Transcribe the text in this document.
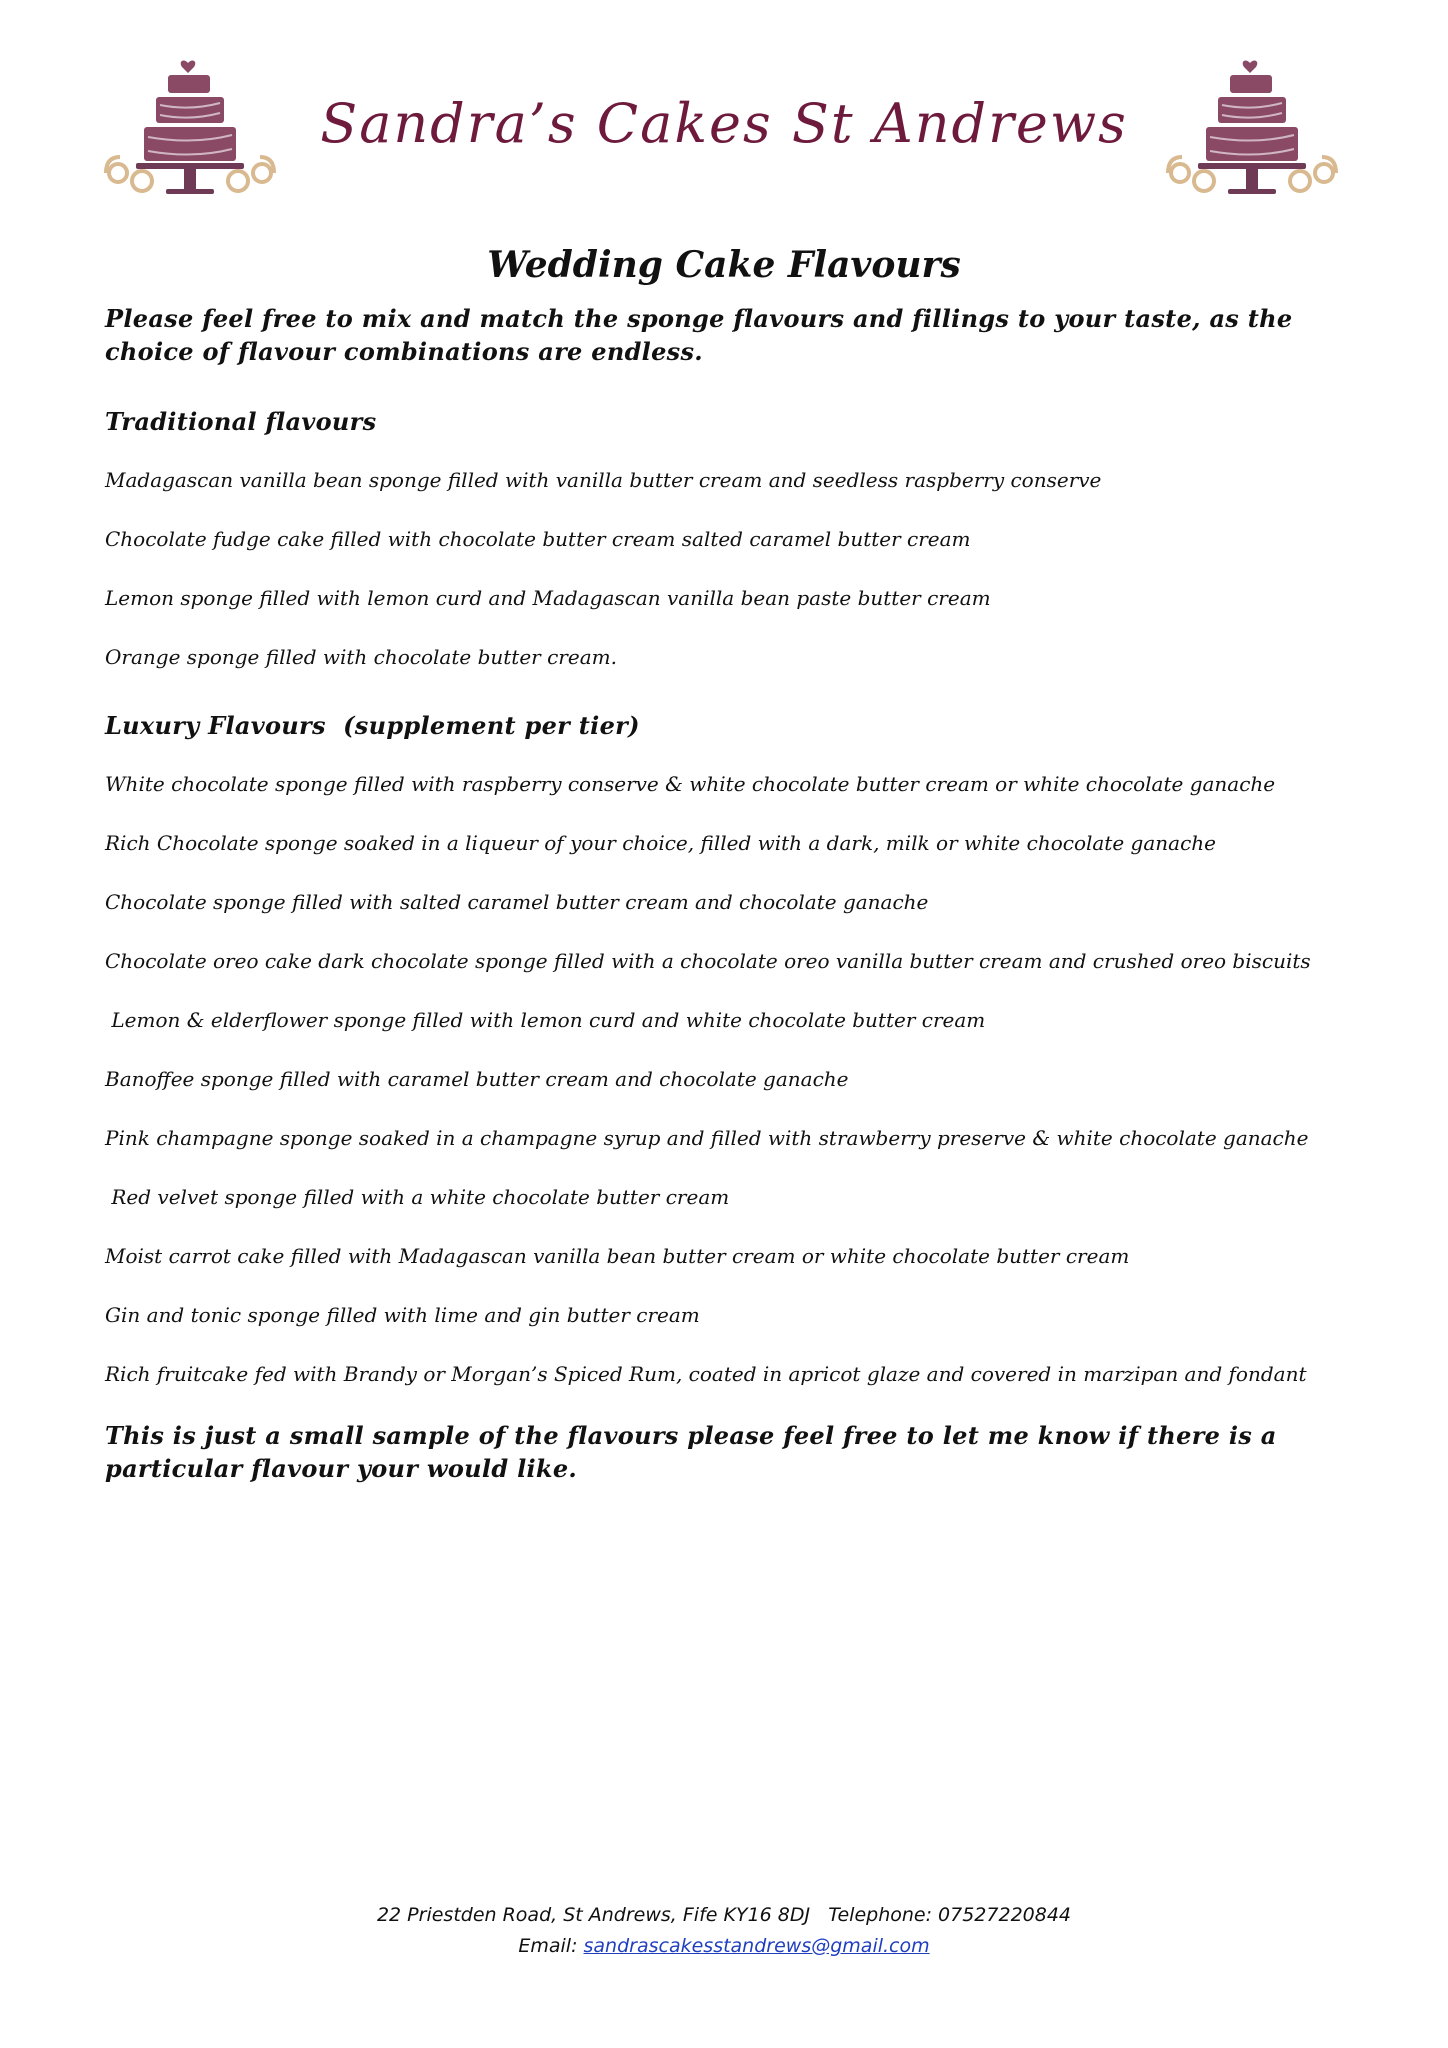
Sandra’s Cakes St Andrews
Wedding Cake Flavours

Please feel free to mix and match the sponge flavours and fillings to your taste, as the choice of flavour combinations are endless.

Traditional flavours
Madagascan vanilla bean sponge filled with vanilla butter cream and seedless raspberry conserve
Chocolate fudge cake filled with chocolate butter cream salted caramel butter cream
Lemon sponge filled with lemon curd and Madagascan vanilla bean paste butter cream
Orange sponge filled with chocolate butter cream.
Luxury Flavours  (supplement per tier)
White chocolate sponge filled with raspberry conserve & white chocolate butter cream or white chocolate ganache
Rich Chocolate sponge soaked in a liqueur of your choice, filled with a dark, milk or white chocolate ganache
Chocolate sponge filled with salted caramel butter cream and chocolate ganache
Chocolate oreo cake dark chocolate sponge filled with a chocolate oreo vanilla butter cream and crushed oreo biscuits
Lemon & elderflower sponge filled with lemon curd and white chocolate butter cream
Banoffee sponge filled with caramel butter cream and chocolate ganache
Pink champagne sponge soaked in a champagne syrup and filled with strawberry preserve & white chocolate ganache
Red velvet sponge filled with a white chocolate butter cream
Moist carrot cake filled with Madagascan vanilla bean butter cream or white chocolate butter cream
Gin and tonic sponge filled with lime and gin butter cream
Rich fruitcake fed with Brandy or Morgan’s Spiced Rum, coated in apricot glaze and covered in marzipan and fondant

This is just a small sample of the flavours please feel free to let me know if there is a particular flavour your would like.

22 Priestden Road, St Andrews, Fife KY16 8DJ   Telephone: 07527220844
Email: sandrascakesstandrews@gmail.com
